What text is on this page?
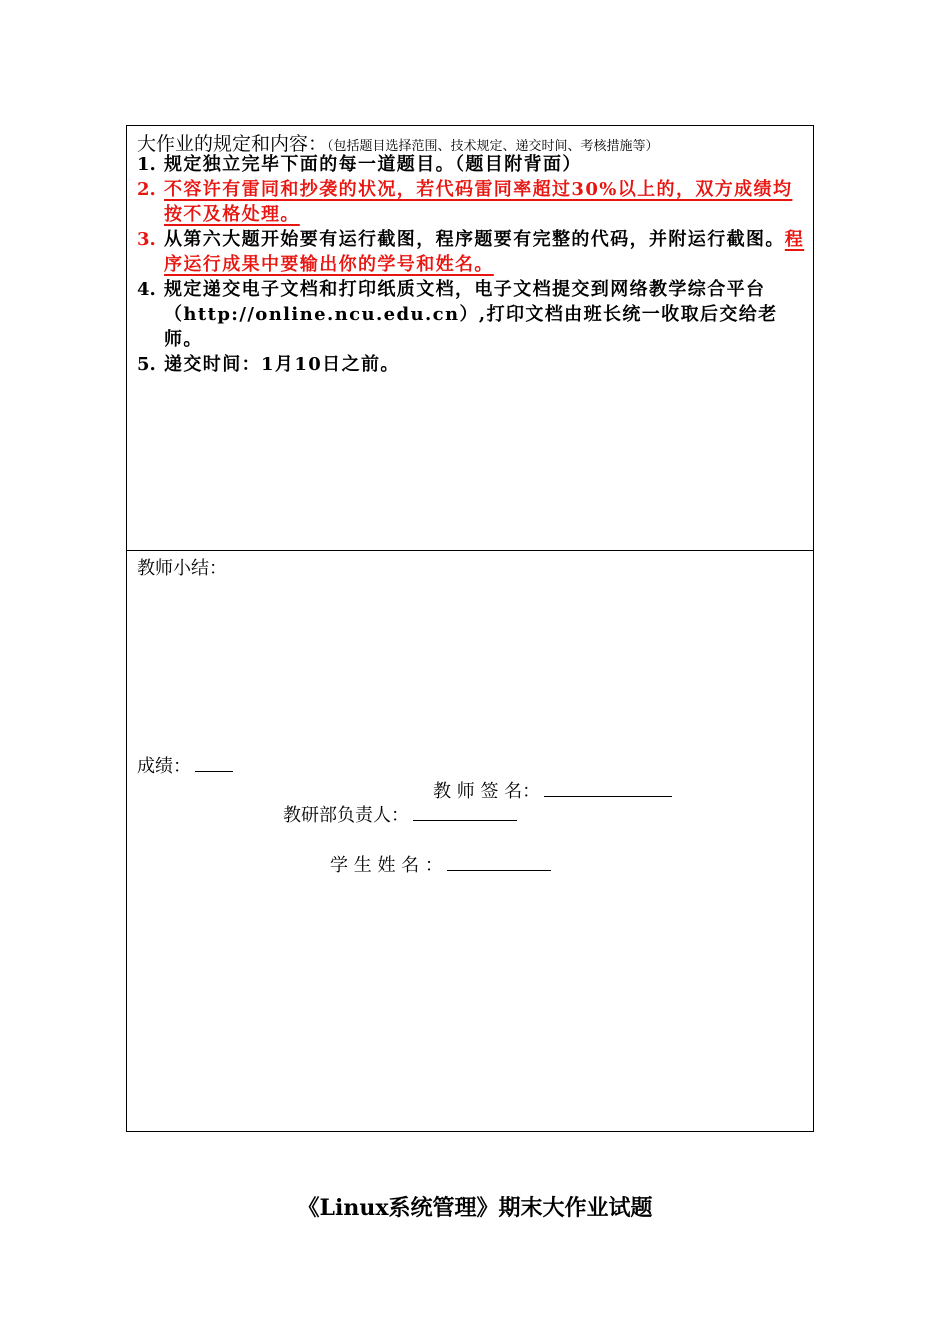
大作业的规定和内容：（包括题目选择范围、技术规定、递交时间、考核措施等）
1. 规定独立完毕下面的每一道题目。（题目附背面）
2. 不容许有雷同和抄袭的状况，若代码雷同率超过30%以上的，双方成绩均按不及格处理。
3. 从第六大题开始要有运行截图，程序题要有完整的代码，并附运行截图。程序运行成果中要输出你的学号和姓名。
4. 规定递交电子文档和打印纸质文档，电子文档提交到网络教学综合平台（http://online.ncu.edu.cn）,打印文档由班长统一收取后交给老师。
5. 递交时间：1月10日之前。
教师小结：
成绩：
教 师 签 名：
教研部负责人：
学 生 姓 名 ：
《Linux系统管理》期末大作业试题
